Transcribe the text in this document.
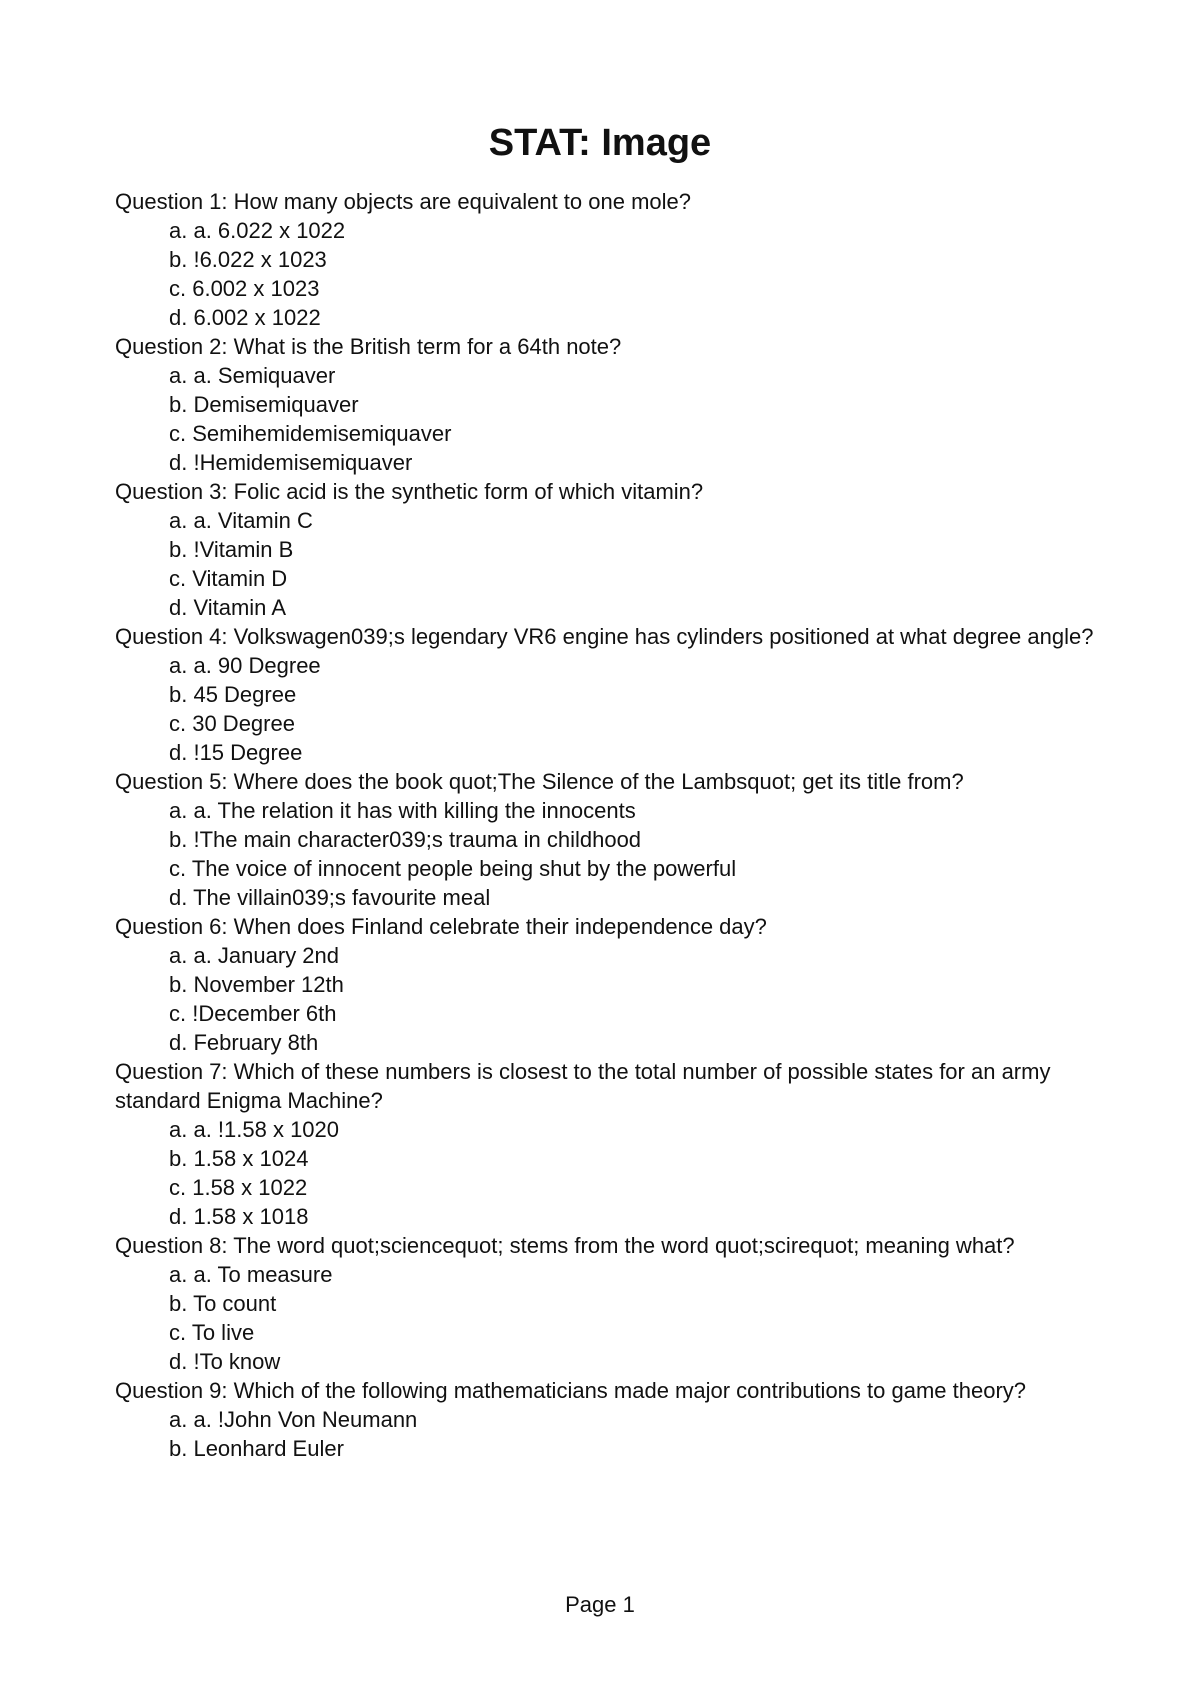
STAT: Image
Question 1: How many objects are equivalent to one mole?
a. a. 6.022 x 1022
b. !6.022 x 1023
c. 6.002 x 1023
d. 6.002 x 1022
Question 2: What is the British term for a 64th note?
a. a. Semiquaver
b. Demisemiquaver
c. Semihemidemisemiquaver
d. !Hemidemisemiquaver
Question 3: Folic acid is the synthetic form of which vitamin?
a. a. Vitamin C
b. !Vitamin B
c. Vitamin D
d. Vitamin A
Question 4: Volkswagen039;s legendary VR6 engine has cylinders positioned at what degree angle?
a. a. 90 Degree
b. 45 Degree
c. 30 Degree
d. !15 Degree
Question 5: Where does the book quot;The Silence of the Lambsquot; get its title from?
a. a. The relation it has with killing the innocents
b. !The main character039;s trauma in childhood
c. The voice of innocent people being shut by the powerful
d. The villain039;s favourite meal
Question 6: When does Finland celebrate their independence day?
a. a. January 2nd
b. November 12th
c. !December 6th
d. February 8th
Question 7: Which of these numbers is closest to the total number of possible states for an army standard Enigma Machine?
a. a. !1.58 x 1020
b. 1.58 x 1024
c. 1.58 x 1022
d. 1.58 x 1018
Question 8: The word quot;sciencequot; stems from the word quot;scirequot; meaning what?
a. a. To measure
b. To count
c. To live
d. !To know
Question 9: Which of the following mathematicians made major contributions to game theory?
a. a. !John Von Neumann
b. Leonhard Euler
Page 1
